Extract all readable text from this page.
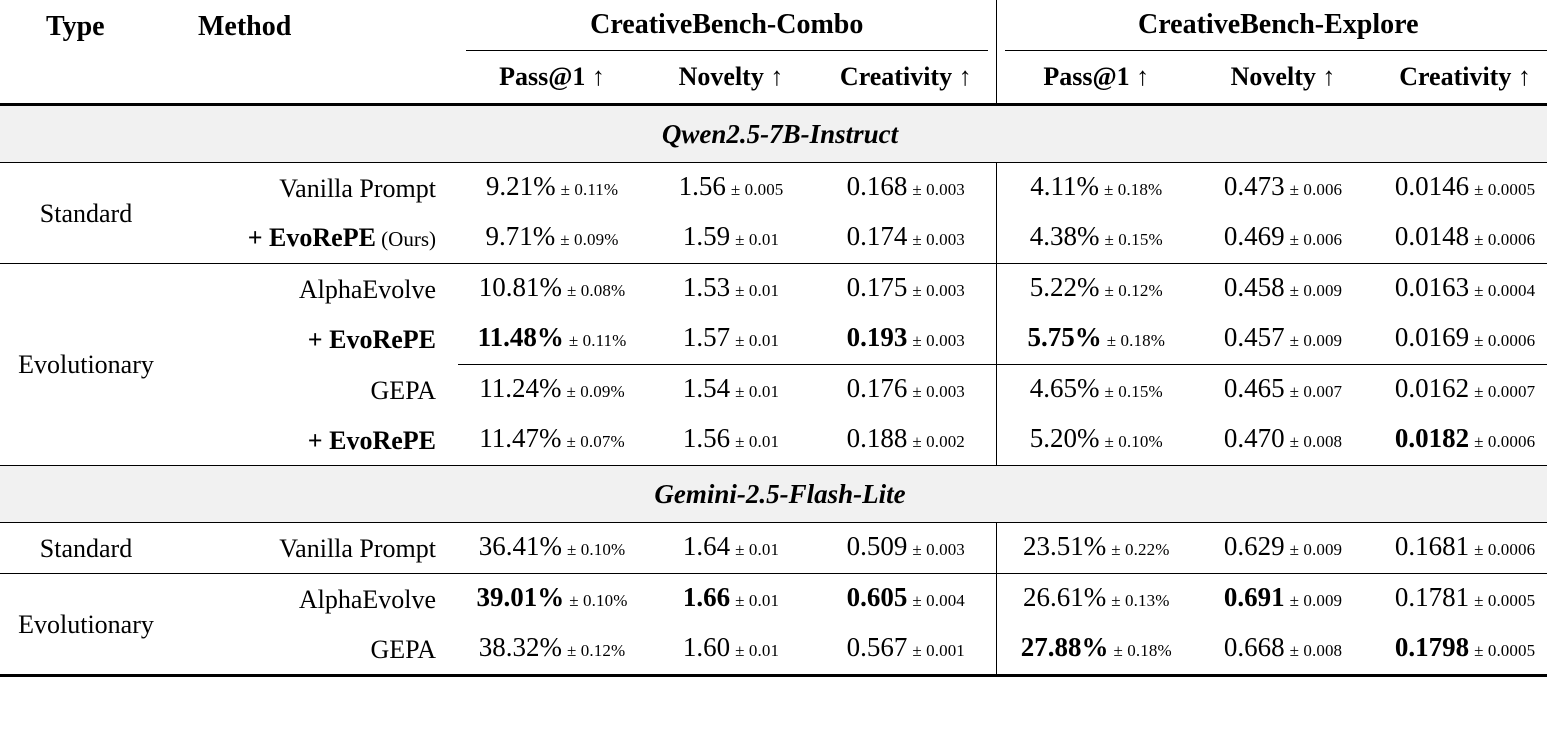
Type	Method	CreativeBench-Combo			CreativeBench-Explore			

		Pass@1 ↑	Novelty ↑	Creativity ↑	Pass@1 ↑	Novelty ↑	Creativity ↑	

Qwen2.5-7B-Instruct								

Standard	Vanilla Prompt	9.21% ± 0.11%	1.56 ± 0.005	0.168 ± 0.003	4.11% ± 0.18%	0.473 ± 0.006	0.0146 ± 0.0005	
	+ EvoRePE (Ours)	9.71% ± 0.09%	1.59 ± 0.01	0.174 ± 0.003	4.38% ± 0.15%	0.469 ± 0.006	0.0148 ± 0.0006	

Evolutionary	AlphaEvolve	10.81% ± 0.08%	1.53 ± 0.01	0.175 ± 0.003	5.22% ± 0.12%	0.458 ± 0.009	0.0163 ± 0.0004	
	+ EvoRePE	11.48% ± 0.11%	1.57 ± 0.01	0.193 ± 0.003	5.75% ± 0.18%	0.457 ± 0.009	0.0169 ± 0.0006	

	GEPA	11.24% ± 0.09%	1.54 ± 0.01	0.176 ± 0.003	4.65% ± 0.15%	0.465 ± 0.007	0.0162 ± 0.0007	
	+ EvoRePE	11.47% ± 0.07%	1.56 ± 0.01	0.188 ± 0.002	5.20% ± 0.10%	0.470 ± 0.008	0.0182 ± 0.0006	

Gemini-2.5-Flash-Lite								

Standard	Vanilla Prompt	36.41% ± 0.10%	1.64 ± 0.01	0.509 ± 0.003	23.51% ± 0.22%	0.629 ± 0.009	0.1681 ± 0.0006	

Evolutionary	AlphaEvolve	39.01% ± 0.10%	1.66 ± 0.01	0.605 ± 0.004	26.61% ± 0.13%	0.691 ± 0.009	0.1781 ± 0.0005	
	GEPA	38.32% ± 0.12%	1.60 ± 0.01	0.567 ± 0.001	27.88% ± 0.18%	0.668 ± 0.008	0.1798 ± 0.0005	
